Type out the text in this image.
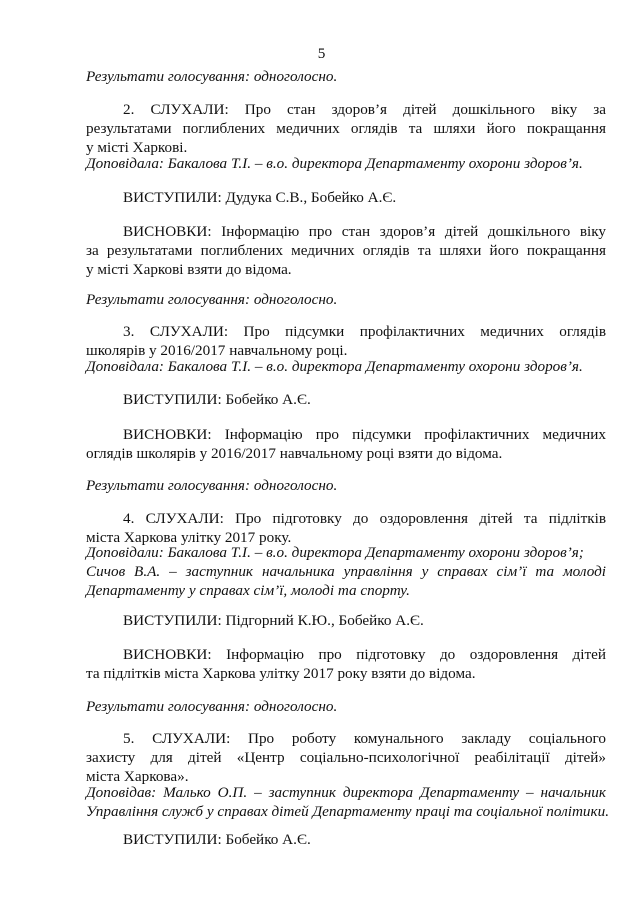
5
Результати голосування: одноголосно.
2. СЛУХАЛИ: Про стан здоров’я дітей дошкільного віку за
результатами поглиблених медичних оглядів та шляхи його покращання
у місті Харкові.
Доповідала: Бакалова Т.І. – в.о. директора Департаменту охорони здоров’я.
ВИСТУПИЛИ: Дудука С.В., Бобейко А.Є.
ВИСНОВКИ: Інформацію про стан здоров’я дітей дошкільного віку
за результатами поглиблених медичних оглядів та шляхи його покращання
у місті Харкові взяти до відома.
Результати голосування: одноголосно.
3. СЛУХАЛИ: Про підсумки профілактичних медичних оглядів
школярів у 2016/2017 навчальному році.
Доповідала: Бакалова Т.І. – в.о. директора Департаменту охорони здоров’я.
ВИСТУПИЛИ: Бобейко А.Є.
ВИСНОВКИ: Інформацію про підсумки профілактичних медичних
оглядів школярів у 2016/2017 навчальному році взяти до відома.
Результати голосування: одноголосно.
4. СЛУХАЛИ: Про підготовку до оздоровлення дітей та підлітків
міста Харкова улітку 2017 року.
Доповідали: Бакалова Т.І. – в.о. директора Департаменту охорони здоров’я;
Сичов В.А. – заступник начальника управління у справах сім’ї та молоді
Департаменту у справах сім’ї, молоді та спорту.
ВИСТУПИЛИ: Підгорний К.Ю., Бобейко А.Є.
ВИСНОВКИ: Інформацію про підготовку до оздоровлення дітей
та підлітків міста Харкова улітку 2017 року взяти до відома.
Результати голосування: одноголосно.
5. СЛУХАЛИ: Про роботу комунального закладу соціального
захисту для дітей «Центр соціально-психологічної реабілітації дітей»
міста Харкова».
Доповідав: Малько О.П. – заступник директора Департаменту – начальник
Управління служб у справах дітей Департаменту праці та соціальної політики.
ВИСТУПИЛИ: Бобейко А.Є.
